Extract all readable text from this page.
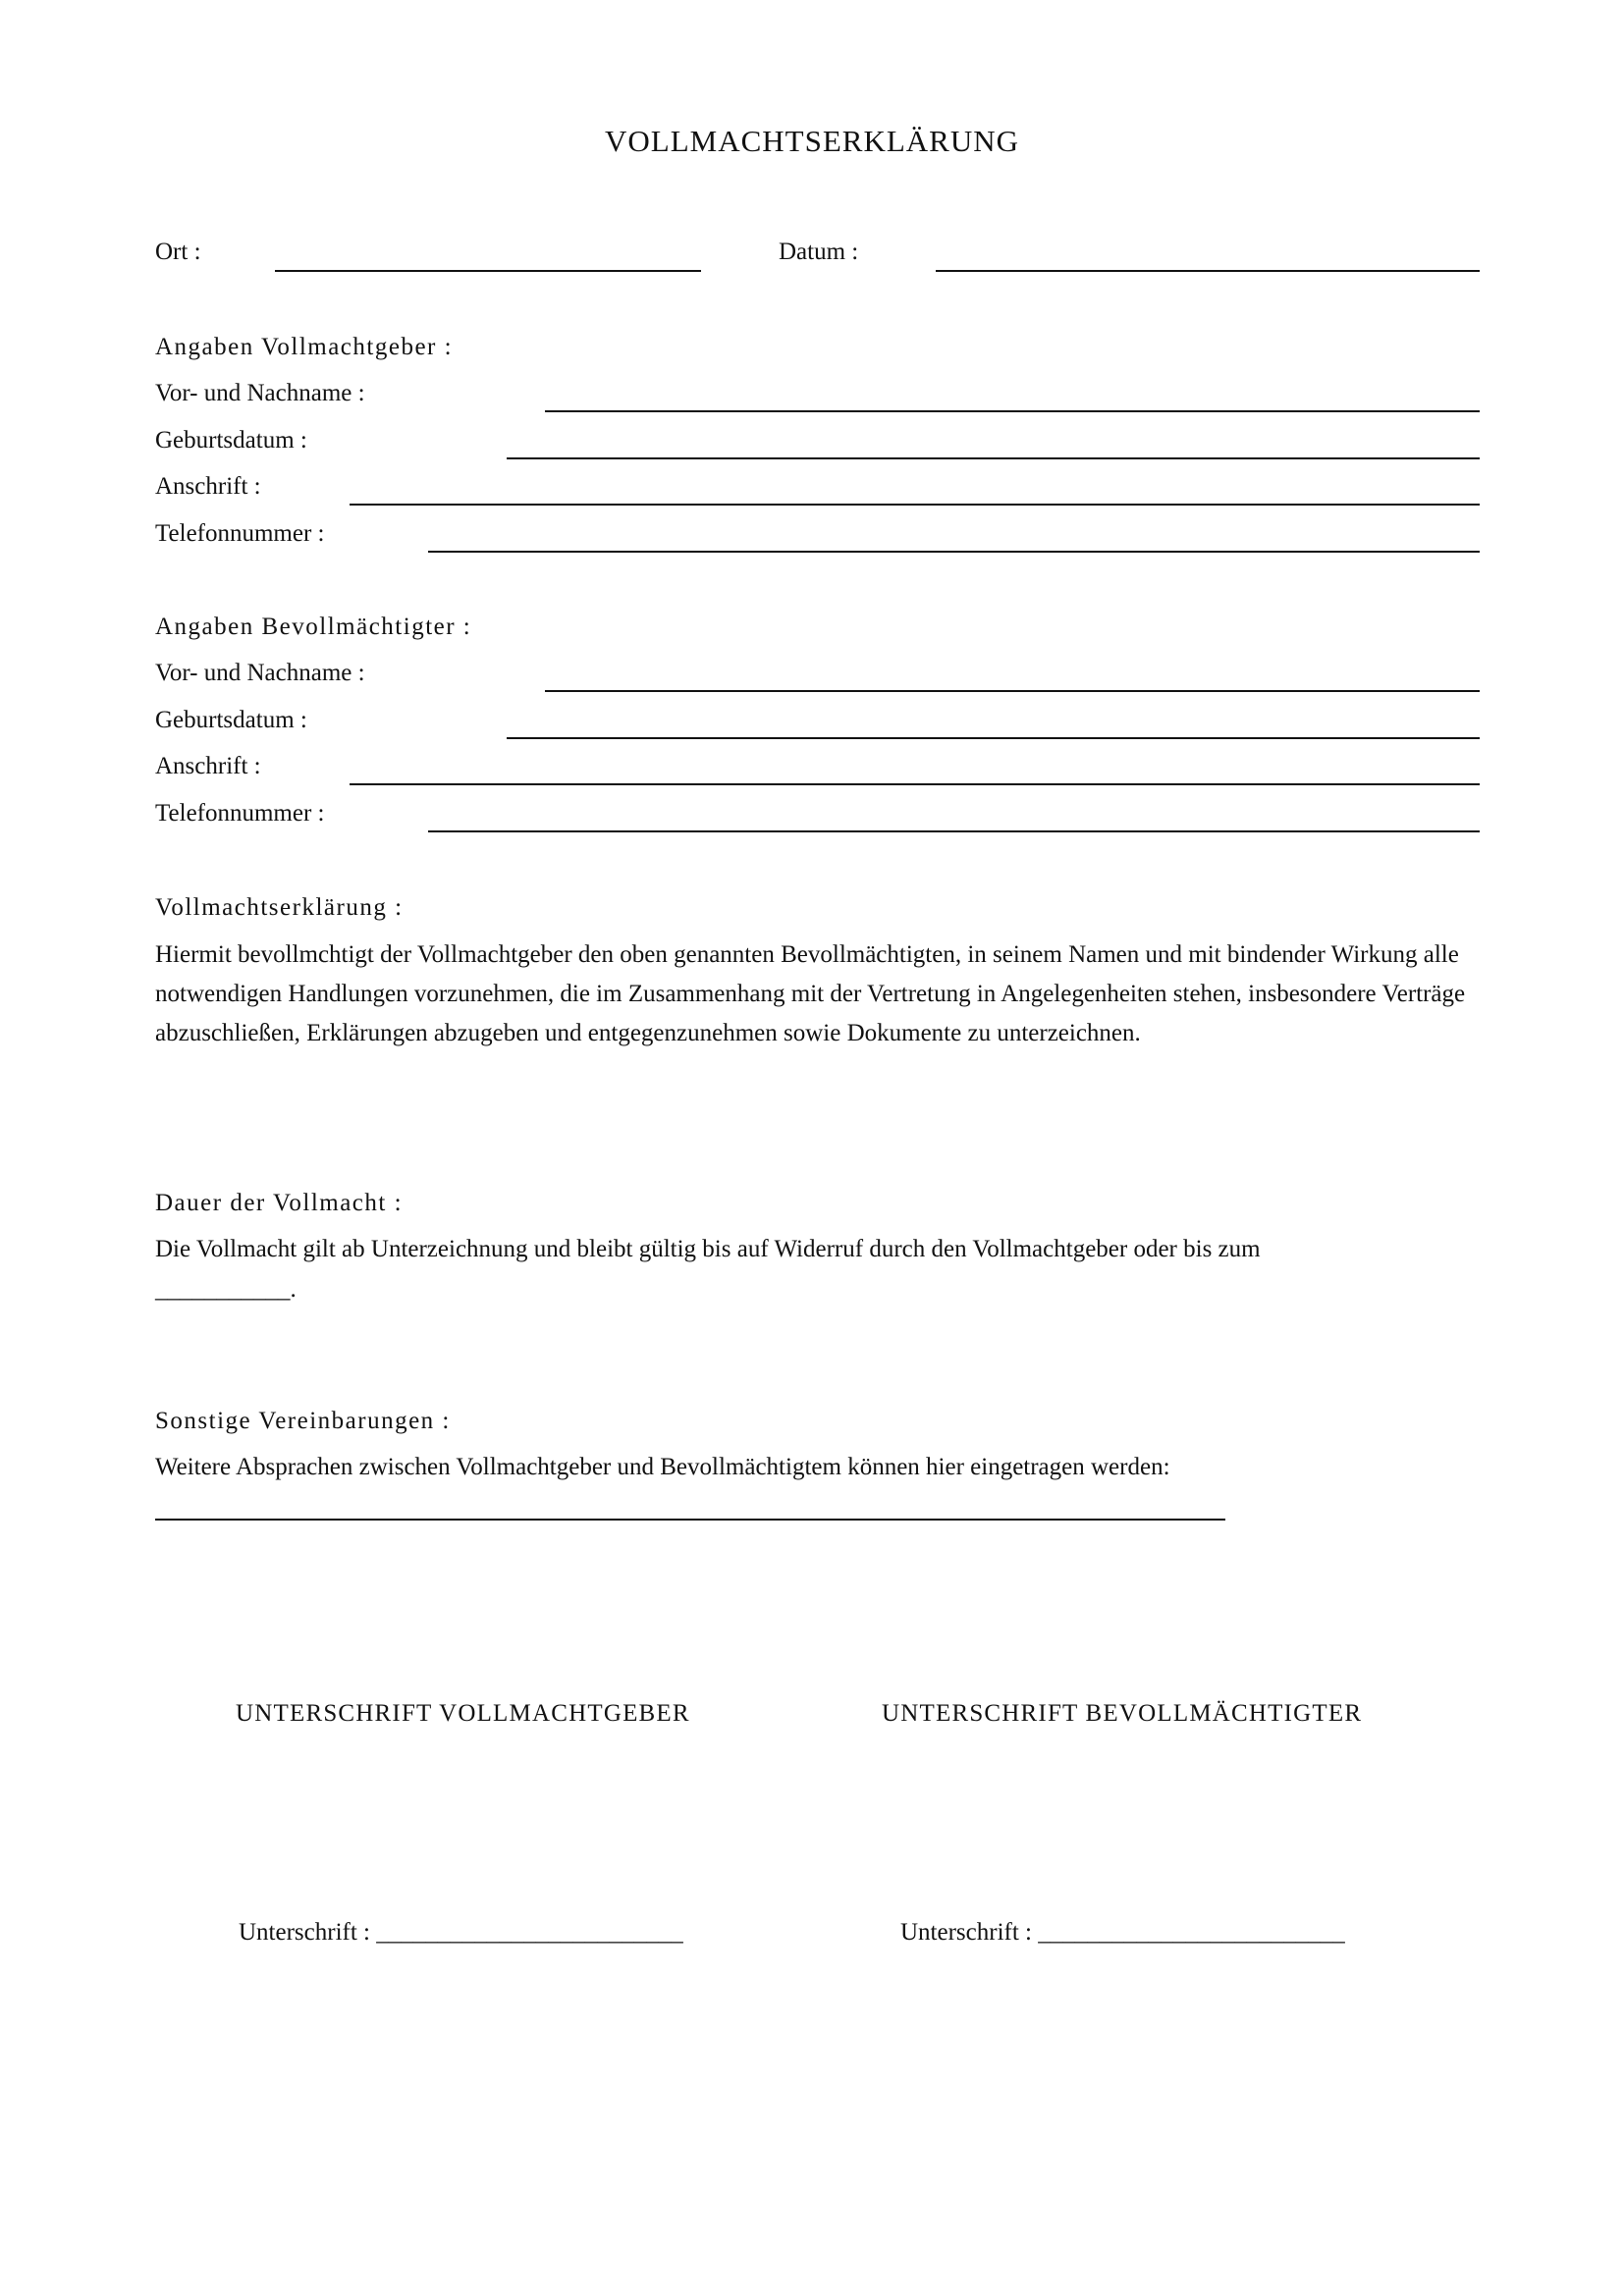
VOLLMACHTSERKLÄRUNG
Ort :	Datum :
Angaben Vollmachtgeber :
Vor- und Nachname :
Geburtsdatum :
Anschrift :
Telefonnummer :
Angaben Bevollmächtigter :
Vor- und Nachname :
Geburtsdatum :
Anschrift :
Telefonnummer :
Vollmachtserklärung :
Hiermit bevollmchtigt der Vollmachtgeber den oben genannten Bevollmächtigten, in seinem Namen und mit bindender Wirkung alle notwendigen Handlungen vorzunehmen, die im Zusammenhang mit der Vertretung in Angelegenheiten stehen, insbesondere Verträge abzuschließen, Erklärungen abzugeben und entgegenzunehmen sowie Dokumente zu unterzeichnen.
Dauer der Vollmacht :
Die Vollmacht gilt ab Unterzeichnung und bleibt gültig bis auf Widerruf durch den Vollmachtgeber oder bis zum
___________.
Sonstige Vereinbarungen :
Weitere Absprachen zwischen Vollmachtgeber und Bevollmächtigtem können hier eingetragen werden:
UNTERSCHRIFT VOLLMACHTGEBER	UNTERSCHRIFT BEVOLLMÄCHTIGTER
Unterschrift : _________________________	Unterschrift : _________________________
